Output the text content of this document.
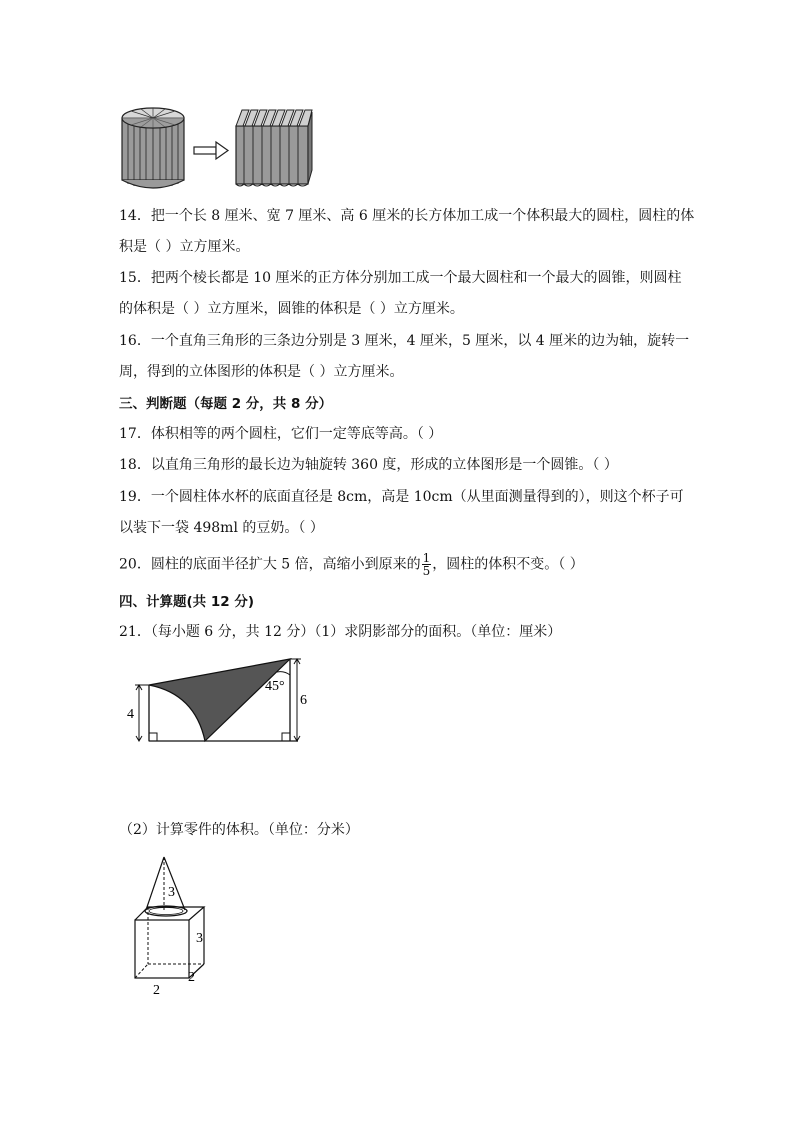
14．把一个长 8 厘米、宽 7 厘米、高 6 厘米的长方体加工成一个体积最大的圆柱，圆柱的体
积是（ ）立方厘米。
15．把两个棱长都是 10 厘米的正方体分别加工成一个最大圆柱和一个最大的圆锥，则圆柱
的体积是（ ）立方厘米，圆锥的体积是（ ）立方厘米。
16．一个直角三角形的三条边分别是 3 厘米，4 厘米，5 厘米，以 4 厘米的边为轴，旋转一
周，得到的立体图形的体积是（ ）立方厘米。
三、判断题（每题 2 分，共 8 分）
17．体积相等的两个圆柱，它们一定等底等高。（ ）
18．以直角三角形的最长边为轴旋转 360 度，形成的立体图形是一个圆锥。（ ）
19．一个圆柱体水杯的底面直径是 8cm，高是 10cm（从里面测量得到的），则这个杯子可
以装下一袋 498ml 的豆奶。（ ）
20．圆柱的底面半径扩大 5 倍，高缩小到原来的 $\frac{1}{5}$ ，圆柱的体积不变。（ ）
四、计算题(共 12 分)
21．（每小题 6 分，共 12 分）（1）求阴影部分的面积。（单位：厘米）
4
6
45°
（2）计算零件的体积。（单位：分米）
3
3
2
2
